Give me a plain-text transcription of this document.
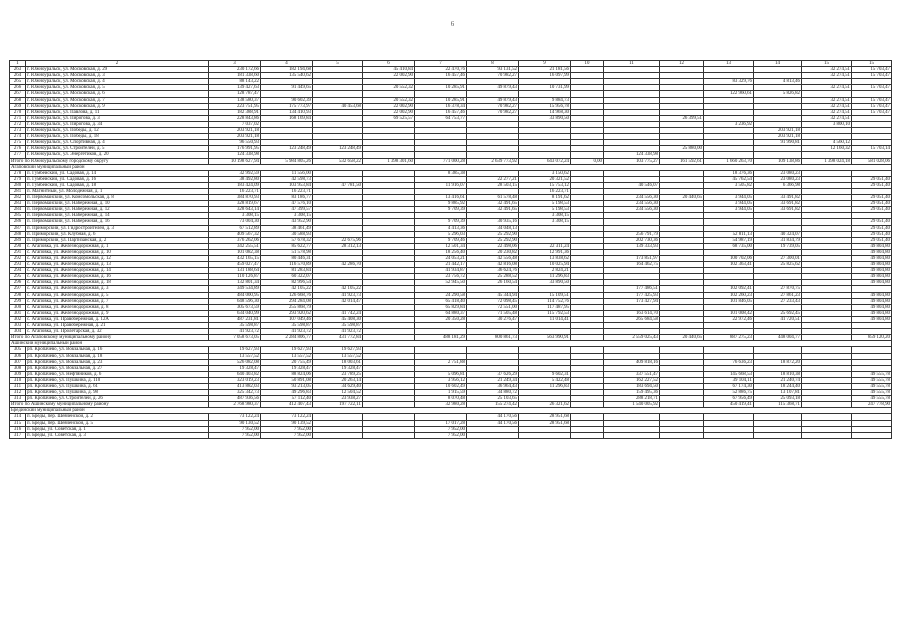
6
1	2	3	4	5	6	7	8	9	10	11	12	13	14	15	15
263	г. Южноуральск, ул. Московская, д. 29	230 172,66	182 194,68		45 410,84	22 470,76	93 131,52	21 181,56						32 274,51	15 703,47
264	г. Южноуральск, ул. Московская, д. 3	181 338,60	135 540,62		22 002,90	16 457,46	70 982,27	16 097,99						32 274,51	15 703,47
265	г. Южноуральск, ул. Московская, д. 4	88 143,22										83 329,76	4 813,46		
266	г. Южноуральск, ул. Московская, д. 5	139 427,63	91 449,65		20 552,32	10 285,91	49 879,43	10 731,99						32 274,51	15 703,47
267	г. Южноуральск, ул. Московская, д. 6	128 787,47										122 960,61	5 826,82		
268	г. Южноуральск, ул. Московская, д. 7	138 580,37	90 602,39		20 552,32	10 285,91	49 879,43	9 884,73						32 274,51	15 703,47
269	г. Южноуральск, ул. Московская, д. 9	223 751,95	175 773,97	40 453,68	22 002,90	16 378,34	70 982,27	15 956,78						32 274,51	15 703,47
270	г. Южноуральск, ул. Павлова, д. 11	182 388,91	134 410,93		22 002,90	16 457,46	70 982,27	14 968,30						32 274,51	15 703,47
271	г. Южноуральск, ул. Пирогова, д. 3	228 843,86	168 169,84		69 525,57	64 753,77		33 890,50			26 399,51			32 274,51	
272	г. Южноуральск, ул. Пирогова, д. 34	7 037,02										3 236,92		3 800,10	
273	г. Южноуральск, ул. Победы, д. 12	203 921,18											203 921,18		
274	г. Южноуральск, ул. Победы, д. 18	203 921,18											203 921,18		
275	г. Южноуральск, ул. Спортивная, д. 4	96 550,93											91 990,81	4 560,12	
276	г. Южноуральск, ул. Строителей, д. 5	176 991,95	123 248,49	123 248,49							25 880,00			12 160,32	15 703,14
277	г. Южноуральск, ул. Энергетиков, д. 20	124 338,98								124 338,98					
Итого по Южноуральскому городскому округу		10 198 627,94	5 984 805,26	532 658,22	1 398 301,60	771 000,28	2 639 773,92	643 072,24	0,00	103 775,27	161 592,61	1 660 263,70	109 138,86	1 398 024,18	581 028,06
Агаповский муниципальный район															
278	п. Гумбейский, ул. Садовая, д. 14	32 992,59	11 556,00			8 385,38		3 150,62				18 376,36	23 080,23		
279	п. Гумбейский, ул. Садовая, д. 16	38 492,80	42 598,73				22 277,21	20 321,52				45 762,54	23 080,23		29 051,40
280	п. Гумбейский, ул. Садовая, д. 18	183 424,09	103 953,84	47 781,50		11 916,07	28 503,15	15 753,12		40 546,07		3 505,82	6 366,98		29 051,40
281	п. Магнитный, ул. Молодежная, д. 1	16 223,71	16 223,71					16 223,71							
282	п. Первомайский, ул. Комсомольская, д. 8	384 870,93	83 186,77			13 416,61	61 578,48	8 191,62		234 556,30	20 440,65	3 944,05	33 491,82		29 051,40
283	п. Первомайский, ул. Набережная, д. 10	328 819,67	47 576,10			9 885,92	32 491,65	5 198,53		234 556,30		3 944,05	33 691,82		29 051,40
284	п. Первомайский, ул. Набережная, д. 12	328 643,14	47 399,57			9 709,39	32 491,65	5 198,53		234 556,30		3 944,05	33 691,82		29 051,40
285	п. Первомайский, ул. Набережная, д. 14	3 308,15	3 308,15					3 308,15							
286	п. Первомайский, ул. Набережная, д. 16	73 004,30	43 952,90			9 709,39	30 935,16	3 308,15							29 051,40
287	п. Приморский, ул. Гидростроителей, д. 3	67 512,89	38 461,49			4 413,36	34 048,13								29 051,40
288	п. Приморский, ул. Клубная, д. 6	409 567,32	30 588,93			5 296,03	25 292,90			256 791,79		52 811,13	40 324,07		29 051,40
289	п. Приморский, ул. Партизанская, д. 2	376 262,06	57 678,32	22 675,96		9 709,46	25 292,90			202 730,36		54 987,19	31 834,79		29 051,40
290	с. Агаповка, ул. Железнодорожная, д. 1	342 255,51	85 622,77	28 312,13		12 501,34	22 498,06	22 311,24		139 333,93		68 735,00	19 739,05		49 804,80
291	с. Агаповка, ул. Железнодорожная, д. 10	101 082,38	51 578,98			18 256,40	20 230,82	12 991,36							49 804,80
292	с. Агаповка, ул. Железнодорожная, д. 12	432 165,15	80 446,31			24 053,21	42 556,48	13 838,62		173 851,97		100 702,06	27 300,01		49 804,80
293	с. Агаповка, ул. Железнодорожная, д. 13	459 027,47	116 570,89	42 286,70		21 442,17	42 816,08	10 025,94		164 462,75		102 363,41	25 825,62		49 804,80
294	с. Агаповка, ул. Железнодорожная, д. 14	131 188,64	81 283,84			41 934,87	36 624,76	2 824,21							49 804,80
295	с. Агаповка, ул. Железнодорожная, д. 16	110 126,87	60 322,07			23 756,72	25 288,52	11 296,83							49 804,80
296	с. Агаповка, ул. Железнодорожная, д. 18	132 801,34	82 996,54			52 945,50	26 160,54	33 890,50							49 804,80
297	с. Агаповка, ул. Железнодорожная, д. 3	349 534,89	42 105,22	42 105,22						177 486,51		102 092,41	27 870,75		
298	с. Агаповка, ул. Железнодорожная, д. 5	484 000,95	126 668,76	41 923,73		24 290,58	45 344,94	15 109,51		177 425,93		102 260,23	27 861,23		49 804,80
299	с. Агаповка, ул. Железнодорожная, д. 7	648 596,30	294 284,08	42 014,47		65 418,40	72 098,45	114 752,76		173 427,94		101 846,05	27 233,43		49 804,80
300	с. Агаповка, ул. Железнодорожная, д. 8	305 673,59	255 868,79			65 829,84	72 551,00	117 487,95							49 804,80
301	с. Агаповка, ул. Железнодорожная, д. 9	634 040,99	293 920,62	41 742,24		64 880,37	71 505,48	115 792,53		163 614,70		101 008,42	25 692,45		49 804,80
302	с. Агаповка, ул. Правобережная, д. 12А	487 231,81	107 049,46	45 408,30		20 350,28	30 276,47	11 014,41		265 684,58		22 972,46	41 720,51		49 804,80
303	с. Агаповка, ул. Правобережная, д. 21	35 598,87	35 598,87	35 598,87											
304	с. Агаповка, ул. Пролетарская, д. 32	41 923,72	41 923,72	41 923,72											
Итого по Агаповскому муниципальному району		7 058 673,05	2 284 806,77	431 772,84		488 181,29	800 861,73	563 990,91		2 559 025,43	20 440,65	887 275,23	448 004,77		859 120,20
Ашинский муниципальный район															
305	рп. Кропачево, ул. Вокзальная, д. 16	19 627,93	19 627,93	19 627,93											
306	рп. Кропачево, ул. Вокзальная, д. 18	13 557,52	13 557,52	13 557,52											
307	рп. Кропачево, ул. Вокзальная, д. 23	526 082,08	20 755,49	18 003,61		2 751,88				409 818,16		76 636,23	18 872,20		
308	рп. Кропачево, ул. Вокзальная, д. 27	19 328,47	19 328,47	19 328,47											
309	рп. Кропачево, ул. Нефтяников, д. 6	640 403,82	88 824,06	23 789,25		5 096,81	37 626,29	9 602,31		337 551,47		145 668,53	18 810,38		49 555,78
310	рп. Кропачево, ул. Пушкина, д. 110	323 019,23	50 891,08	20 263,14		3 956,12	21 249,34	5 422,48		162 227,52		39 104,11	21 240,74		49 555,78
311	рп. Кропачево, ул. Пушкина, д. 61	413 882,03	93 213,05	34 629,40		10 602,49	36 964,43	11 296,83		183 694,50		67 174,30	18 244,40		49 555,78
312	рп. Кропачево, ул. Пушкина, д. 98	325 342,73	49 296,83	12 504,52		1 915,59	34 880,72			159 495,36		52 886,75	13 107,81		49 555,78
313	рп. Кропачево, ул. Строителей, д. 26	487 936,56	57 112,40	23 938,27		8 070,48	25 103,65			288 218,71		67 956,49	25 093,18		49 555,78
Итого по Ашинскому муниципальному району		2 768 980,37	412 407,43	197 722,11		32 980,28	155 274,42	26 321,62		1 540 005,92		450 419,41	115 368,71		247 778,90
Брединский муниципальный район															
314	п. Бреды, пер. Шевченской, д. 2	73 122,24	73 122,24				44 170,56	28 951,68							
315	п. Бреды, пер. Шевченской, д. 5	90 130,52	90 139,52			17 017,28	44 170,56	28 951,68							
316	п. Бреды, ул. Советская, д. 1	7 952,00	7 952,00			7 952,00									
317	п. Бреды, ул. Советская, д. 3	7 952,00	7 952,00			7 952,00									
